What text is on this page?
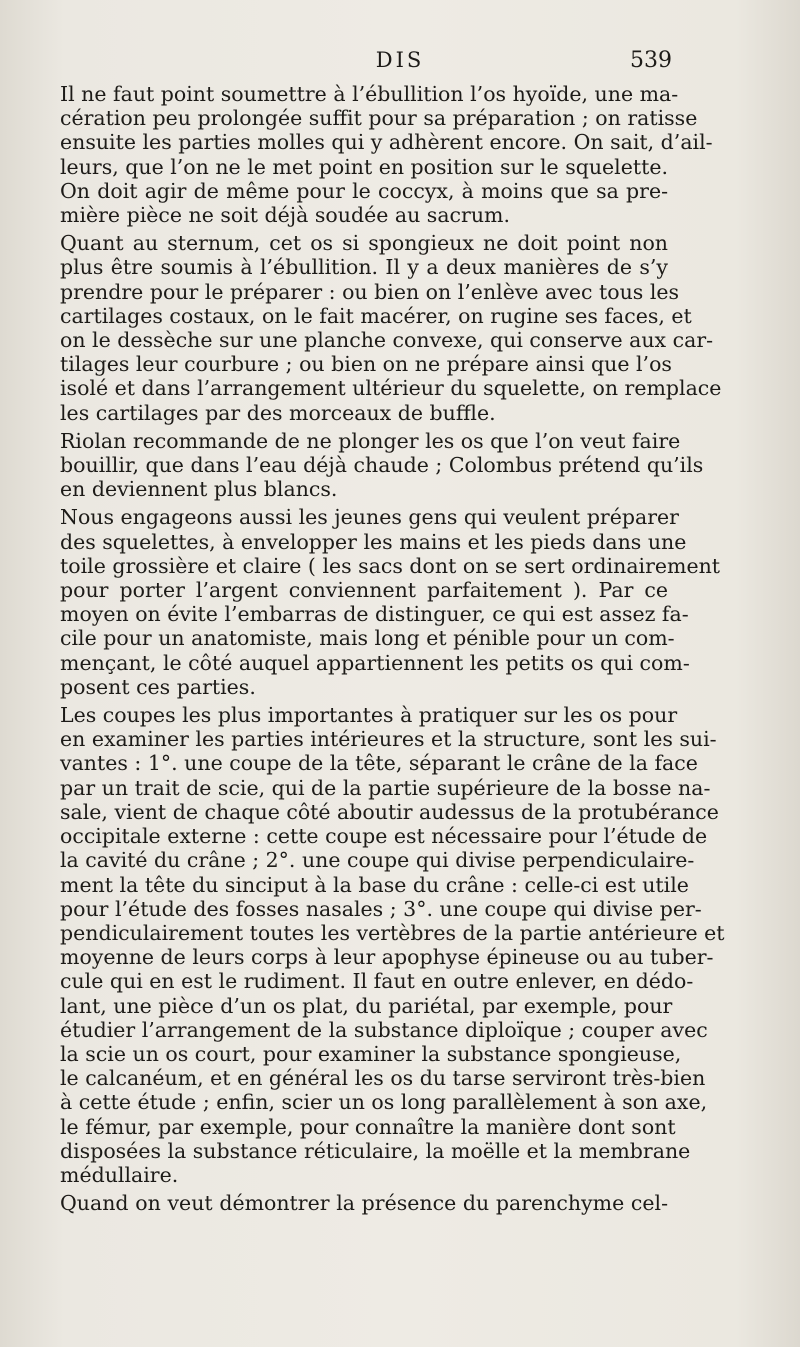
DIS	539
Il ne faut point soumettre à l’ébullition l’os hyoïde, une ma-
cération peu prolongée suffit pour sa préparation ; on ratisse
ensuite les parties molles qui y adhèrent encore. On sait, d’ail-
leurs, que l’on ne le met point en position sur le squelette.
On doit agir de même pour le coccyx, à moins que sa pre-
mière pièce ne soit déjà soudée au sacrum.
Quant au sternum, cet os si spongieux ne doit point non
plus être soumis à l’ébullition. Il y a deux manières de s’y
prendre pour le préparer : ou bien on l’enlève avec tous les
cartilages costaux, on le fait macérer, on rugine ses faces, et
on le dessèche sur une planche convexe, qui conserve aux car-
tilages leur courbure ; ou bien on ne prépare ainsi que l’os
isolé et dans l’arrangement ultérieur du squelette, on remplace
les cartilages par des morceaux de buffle.
Riolan recommande de ne plonger les os que l’on veut faire
bouillir, que dans l’eau déjà chaude ; Colombus prétend qu’ils
en deviennent plus blancs.
Nous engageons aussi les jeunes gens qui veulent préparer
des squelettes, à envelopper les mains et les pieds dans une
toile grossière et claire ( les sacs dont on se sert ordinairement
pour porter l’argent conviennent parfaitement ). Par ce
moyen on évite l’embarras de distinguer, ce qui est assez fa-
cile pour un anatomiste, mais long et pénible pour un com-
mençant, le côté auquel appartiennent les petits os qui com-
posent ces parties.
Les coupes les plus importantes à pratiquer sur les os pour
en examiner les parties intérieures et la structure, sont les sui-
vantes : 1°. une coupe de la tête, séparant le crâne de la face
par un trait de scie, qui de la partie supérieure de la bosse na-
sale, vient de chaque côté aboutir audessus de la protubérance
occipitale externe : cette coupe est nécessaire pour l’étude de
la cavité du crâne ; 2°. une coupe qui divise perpendiculaire-
ment la tête du sinciput à la base du crâne : celle-ci est utile
pour l’étude des fosses nasales ; 3°. une coupe qui divise per-
pendiculairement toutes les vertèbres de la partie antérieure et
moyenne de leurs corps à leur apophyse épineuse ou au tuber-
cule qui en est le rudiment. Il faut en outre enlever, en dédo-
lant, une pièce d’un os plat, du pariétal, par exemple, pour
étudier l’arrangement de la substance diploïque ; couper avec
la scie un os court, pour examiner la substance spongieuse,
le calcanéum, et en général les os du tarse serviront très-bien
à cette étude ; enfin, scier un os long parallèlement à son axe,
le fémur, par exemple, pour connaître la manière dont sont
disposées la substance réticulaire, la moëlle et la membrane
médullaire.
Quand on veut démontrer la présence du parenchyme cel-
